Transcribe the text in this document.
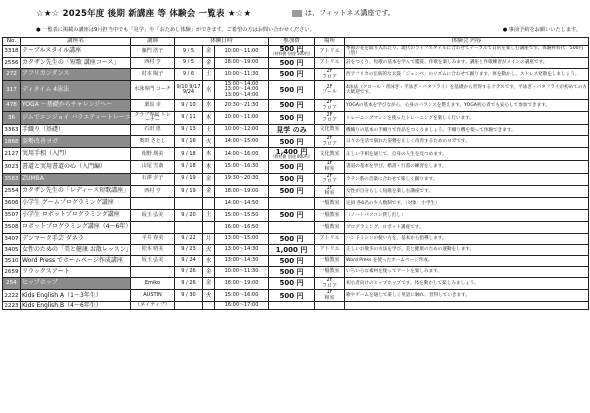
☆★☆ 2025年度 後期 新講座 等 体験会 一覧表 ★☆★	は、フィットネス講座です。
● 一覧表に掲載の講座は9月担当中でも「見学」や「おためし体験」ができます。ご希望の方はお問い合わせください。	● 事前予約をお願いいたします。
No.	講座名	講師	体験日時			参加費	場所	体験会 内容
3318	テーブルスタイル講座	藤門 浩子	9 / 5	金	10:00〜11:00	500 円
（材料費 別途 500円）	アトリエ	季節の花を取り入れたり、現代のライフスタイルに合わせてテーブルで日常を楽しむ講座です。体験材料代：500円（別）
2556	カクザン先生の「短歌 講座コース」	西村 亨	9 / 5	金	18:00〜19:00	500 円	アトリエ	詩をつくり、短歌の基本を学んで鑑賞、作歌を楽しみます。講座と作歌練習がメインの講座です。
272	アフリカンダンス	村本 陽子	9 / 6	土	10:00〜11:30	500 円	2F
フロア	西アフリカの伝統的な太鼓「ジェンベ」のリズムに合わせて踊ります。体を動かし、ストレス発散をしましょう。
317	ディタイム 4泳法	水泳専門 コーチ	9/10 9/17 9/24	水	13:00〜14:00
13:00〜14:00
13:00〜14:00	500 円	2F
プール	4泳法（クロール・背泳ぎ・平泳ぎ・バタフライ）を基礎から習得するクラスです。平泳ぎ・バタフライが初めての方大歓迎です。
478	YOGA 〜基礎からチャレンジへ〜	栗原 幸	9 / 10	水	20:30〜21:30	500 円	2F
フロア	YOGAの基本を学びながら、心身のバランスを整えます。YOGA初心者でも安心して参加できます。
36	ジムでエンジョイ バラエティートレーニング！	クラブ専属 トレーナー	9 / 11	木	10:00〜11:00	500 円	2F
フロア	トレーニングマシンを使ったトレーニングを楽しく行います。
3363	手織り（基礎）	石田 恵	9 / 13	土	10:00〜12:00	見学 のみ	文化教室	機織りの基本の手織りで作品をつくりましょう。手織り機を使って体験できます。
1868	姿勢改善ヨガ	奥田 さとし	9 / 16	火	14:00〜15:00	500 円	2F
フロア	日々の生活で崩れた姿勢を正しく改善するためのヨガです。
2127	実用手相（入門）	相野 瑛美	9 / 18	木	14:00〜16:00	1,400 円
（教材費 別途 900円）	文化教室	正しい手相を通じて、自身の人生を見つめます。
3023	書道と実用書道の心（入門編）	山尾 雪斎	9 / 18	木	15:00〜16:30	500 円	1F
和室	書道の基本を学び、楷書・行書の練習をします。
3583	ZUMBA	石澤 夕子	9 / 19	金	19:30〜20:30	500 円	2F
フロア	ラテン系の音楽に合わせて楽しく踊ります。
2554	カクザン先生の「レディース短歌講座」	西村 亨	9 / 19	金	18:00〜19:00	500 円	1F
和室	女性が自分らしく短歌を楽しむ講座です。
3606	小学生 ゲームプログラミング講座				14:00〜14:50		一般教室	定員 各6名の少人数制です。（対象：小学生）
3507	小学生 ロボットプログラミング講座	坂玉 弘美	9 / 20	土	15:00〜15:50	500 円	一般教室	（ノートパソコン貸し出し）
3508	ロボットプログラミング講座（4〜6年）				16:00〜16:50		一般教室	プログラミング、ロボット講座です。
3407	デンマーク手芸 ダネラ	平井 春美	9 / 22	月	13:00〜15:00	500 円	アトリエ	ハンドミシンの使い方を、基本から指導します。
3405	女性のための「美と健康 お散レッスン」	松本 晴美	9 / 23	火	13:00〜14:30	1,000 円	アトリエ	正しいお散歩の方法を学び、美と健康のための運動をします。
3510	Word Press でホームページ作成講座	坂玉 弘美	9 / 24	水	13:00〜14:30	500 円	一般教室	Word Press を使ったホームページ作成。
2659	リラックスアート		9 / 26	金	10:00〜11:30	500 円	一般教室	いろいろな素材を使ってアートを楽しみます。
254	ヒップホップ	Emiko	9 / 26	金	18:00〜19:00	500 円	2F
フロア	初心者向けのヒップホップです。体を動かして楽しみましょう。
2222	Kids English A（1〜3年生）	AUSTIN	9 / 30	火	15:00〜16:00	500 円	1F
和室	歌やゲームを通じて楽しく英語に触れ、習得していきます。
2223	Kids English B（4〜6年生）	（ネイティブ）			16:00〜17:00			
